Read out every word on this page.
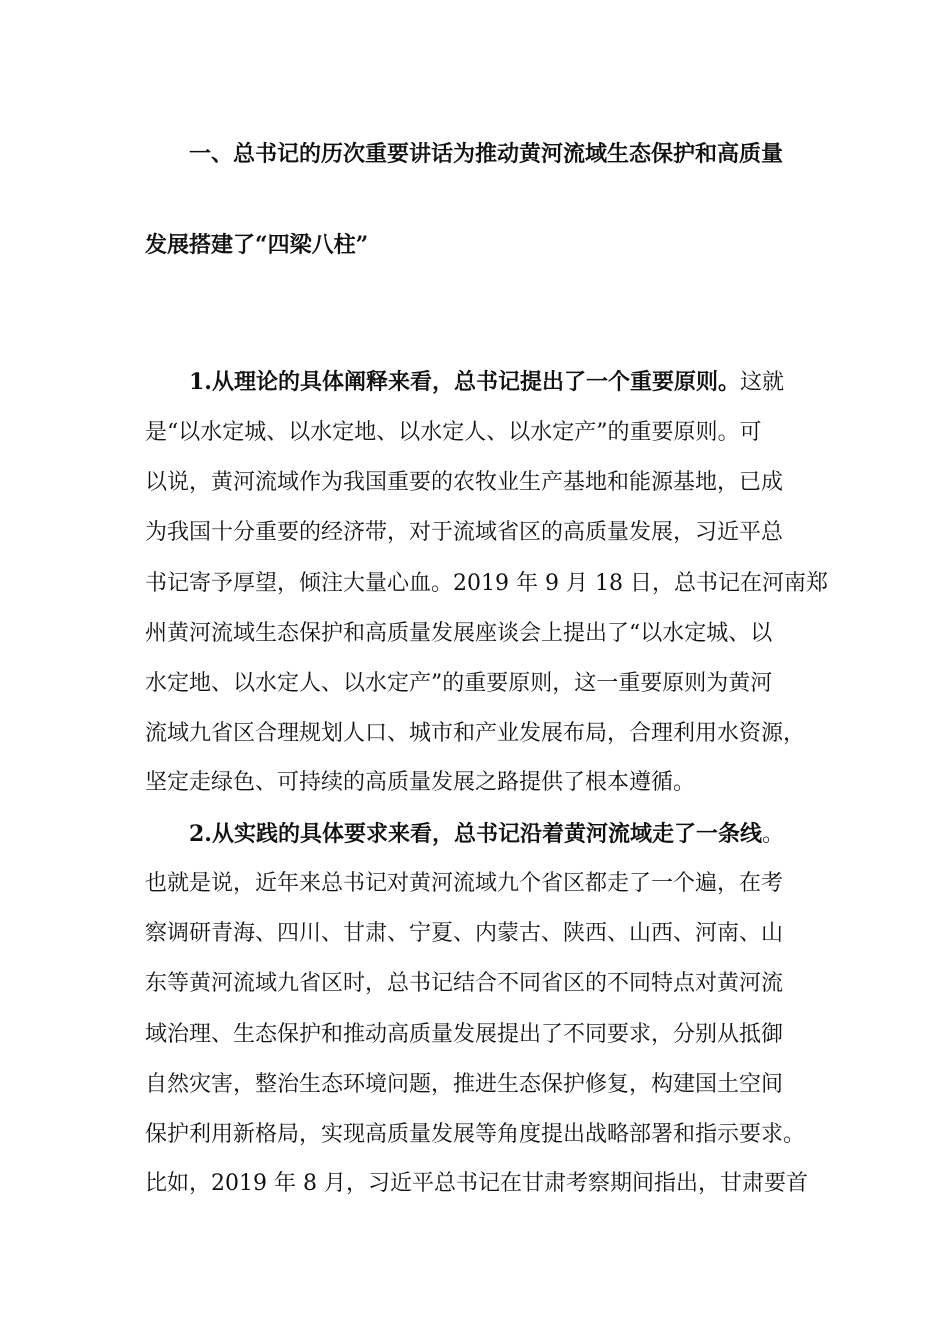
一、总书记的历次重要讲话为推动黄河流域生态保护和高质量
发展搭建了“四梁八柱”
1.从理论的具体阐释来看，总书记提出了一个重要原则。这就
是“以水定城、以水定地、以水定人、以水定产”的重要原则。可
以说，黄河流域作为我国重要的农牧业生产基地和能源基地，已成
为我国十分重要的经济带，对于流域省区的高质量发展，习近平总
书记寄予厚望，倾注大量心血。2019 年 9 月 18 日，总书记在河南郑
州黄河流域生态保护和高质量发展座谈会上提出了“以水定城、以
水定地、以水定人、以水定产”的重要原则，这一重要原则为黄河
流域九省区合理规划人口、城市和产业发展布局，合理利用水资源，
坚定走绿色、可持续的高质量发展之路提供了根本遵循。
2.从实践的具体要求来看，总书记沿着黄河流域走了一条线。
也就是说，近年来总书记对黄河流域九个省区都走了一个遍，在考
察调研青海、四川、甘肃、宁夏、内蒙古、陕西、山西、河南、山
东等黄河流域九省区时，总书记结合不同省区的不同特点对黄河流
域治理、生态保护和推动高质量发展提出了不同要求，分别从抵御
自然灾害，整治生态环境问题，推进生态保护修复，构建国土空间
保护利用新格局，实现高质量发展等角度提出战略部署和指示要求。
比如，2019 年 8 月，习近平总书记在甘肃考察期间指出，甘肃要首
